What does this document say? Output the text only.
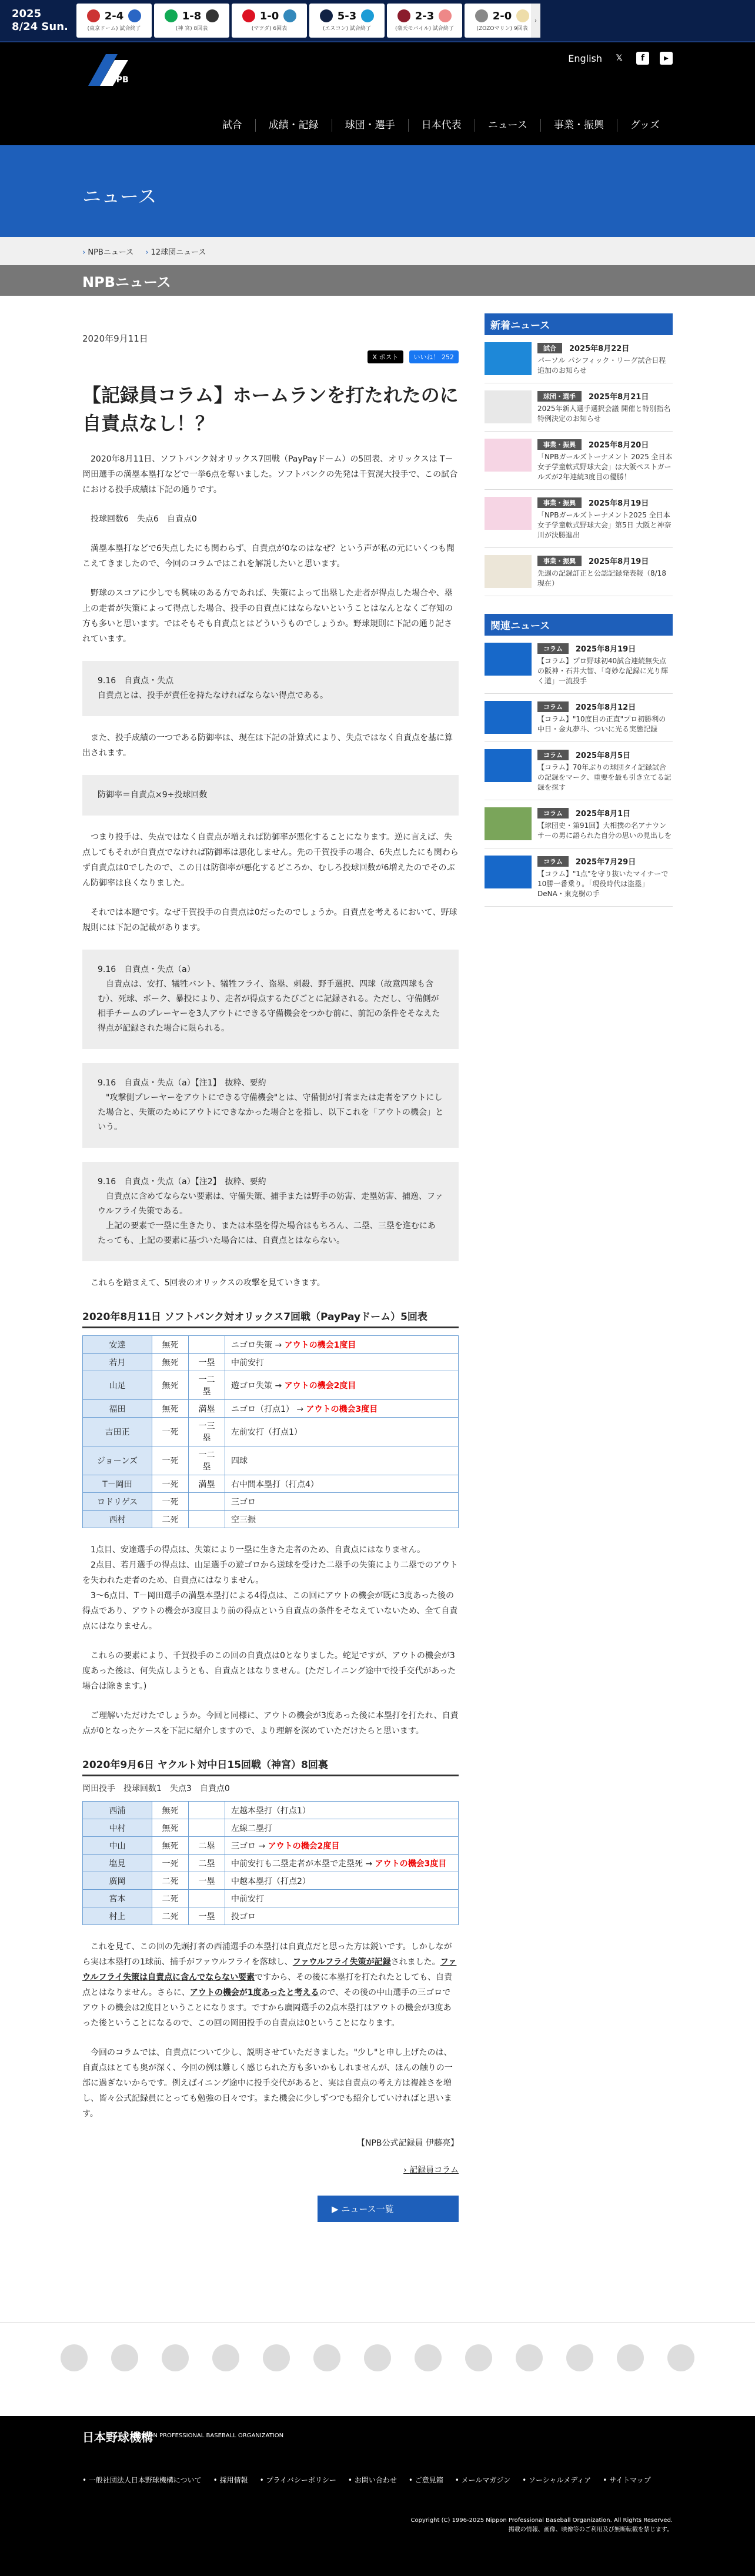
2025
8/24 Sun.
2-4
(東京ドーム) 試合終了
1-8
(神 宮) 8回表
1-0
(マツダ) 6回表
5-3
(エスコン) 試合終了
2-3
(楽天モバイル) 試合終了
2-0
(ZOZOマリン) 9回表
›
NPB
English	𝕏	f	▶
試合	成績・記録	球団・選手	日本代表	ニュース	事業・振興	グッズ
ニュース
› NPBニュース	› 12球団ニュース
NPBニュース
2020年9月11日
X ポスト	いいね！ 252
【記録員コラム】ホームランを打たれたのに自責点なし！？

2020年8月11日、ソフトバンク対オリックス7回戦（PayPayドーム）の5回表、オリックスは T－岡田選手の満塁本塁打などで一挙6点を奪いました。ソフトバンクの先発は千賀滉大投手で、この試合における投手成績は下記の通りです。

投球回数6　失点6　自責点0

満塁本塁打などで6失点したにも関わらず、自責点が0なのはなぜ？という声が私の元にいくつも聞こえてきましたので、今回のコラムではこれを解説したいと思います。

野球のスコアに少しでも興味のある方であれば、失策によって出塁した走者が得点した場合や、塁上の走者が失策によって得点した場合、投手の自責点にはならないということはなんとなくご存知の方も多いと思います。ではそもそも自責点とはどういうものでしょうか。野球規則に下記の通り記されています。

9.16　自責点・失点
自責点とは、投手が責任を持たなければならない得点である。

また、投手成績の一つである防御率は、現在は下記の計算式により、失点ではなく自責点を基に算出されます。

防御率＝自責点×9÷投球回数

つまり投手は、失点ではなく自責点が増えれば防御率が悪化することになります。逆に言えば、失点してもそれが自責点でなければ防御率は悪化しません。先の千賀投手の場合、6失点したにも関わらず自責点は0でしたので、この日は防御率が悪化するどころか、むしろ投球回数が6増えたのでそのぶん防御率は良くなりました。

それでは本題です。なぜ千賀投手の自責点は0だったのでしょうか。自責点を考えるにおいて、野球規則には下記の記載があります。

9.16　自責点・失点（a）
　自責点は、安打、犠牲バント、犠牲フライ、盗塁、刺殺、野手選択、四球（故意四球も含む）、死球、ボーク、暴投により、走者が得点するたびごとに記録される。ただし、守備側が相手チームのプレーヤーを3人アウトにできる守備機会をつかむ前に、前記の条件をそなえた得点が記録された場合に限られる。
9.16　自責点・失点（a）【注1】　抜粋、要約
　"攻撃側プレーヤーをアウトにできる守備機会"とは、守備側が打者または走者をアウトにした場合と、失策のためにアウトにできなかった場合とを指し、以下これを「アウトの機会」という。
9.16　自責点・失点（a）【注2】　抜粋、要約
　自責点に含めてならない要素は、守備失策、捕手または野手の妨害、走塁妨害、捕逸、ファウルフライ失策である。
　上記の要素で一塁に生きたり、または本塁を得た場合はもちろん、二塁、三塁を進むにあたっても、上記の要素に基づいた場合には、自責点とはならない。

これらを踏まえて、5回表のオリックスの攻撃を見ていきます。

2020年8月11日 ソフトバンク対オリックス7回戦（PayPayドーム）5回表
安達	無死		ニゴロ失策 → アウトの機会1度目
若月	無死	一塁	中前安打
山足	無死	一二塁	遊ゴロ失策 → アウトの機会2度目
福田	無死	満塁	ニゴロ（打点1） → アウトの機会3度目
吉田正	一死	一三塁	左前安打（打点1）
ジョーンズ	一死	一二塁	四球
T－岡田	一死	満塁	右中間本塁打（打点4）
ロドリゲス	一死		三ゴロ
西村	二死		空三振

1点目、安達選手の得点は、失策により一塁に生きた走者のため、自責点にはなりません。

2点目、若月選手の得点は、山足選手の遊ゴロから送球を受けた二塁手の失策により二塁でのアウトを失われた走者のため、自責点にはなりません。

3〜6点目、T－岡田選手の満塁本塁打による4得点は、この回にアウトの機会が既に3度あった後の得点であり、アウトの機会が3度目より前の得点という自責点の条件をそなえていないため、全て自責点にはなりません。

これらの要素により、千賀投手のこの回の自責点は0となりました。蛇足ですが、アウトの機会が3度あった後は、何失点しようとも、自責点とはなりません。(ただしイニング途中で投手交代があった場合は除きます。)

ご理解いただけたでしょうか。今回と同様に、アウトの機会が3度あった後に本塁打を打たれ、自責点が0となったケースを下記に紹介しますので、より理解を深めていただけたらと思います。

2020年9月6日 ヤクルト対中日15回戦（神宮）8回裏
岡田投手　投球回数1　失点3　自責点0
西浦	無死		左越本塁打（打点1）
中村	無死		左線二塁打
中山	無死	二塁	三ゴロ → アウトの機会2度目
塩見	一死	二塁	中前安打も二塁走者が本塁で走塁死 → アウトの機会3度目
廣岡	二死	一塁	中越本塁打（打点2）
宮本	二死		中前安打
村上	二死	一塁	投ゴロ

これを見て、この回の先頭打者の西浦選手の本塁打は自責点だと思った方は鋭いです。しかしながら実は本塁打の1球前、捕手がファウルフライを落球し、ファウルフライ失策が記録されました。ファウルフライ失策は自責点に含んでならない要素ですから、その後に本塁打を打たれたとしても、自責点とはなりません。さらに、アウトの機会が1度あったと考えるので、その後の中山選手の三ゴロでアウトの機会は2度目ということになります。ですから廣岡選手の2点本塁打はアウトの機会が3度あった後ということになるので、この回の岡田投手の自責点は0ということになります。

今回のコラムでは、自責点について少し、説明させていただきました。"少し"と申し上げたのは、自責点はとても奥が深く、今回の例は難しく感じられた方も多いかもしれませんが、ほんの触りの一部に過ぎないからです。例えばイニング途中に投手交代があると、実は自責点の考え方は複雑さを増し、皆々公式記録員にとっても勉強の日々です。また機会に少しずつでも紹介していければと思います。

【NPB公式記録員 伊藤亮】
› 記録員コラム
▶ ニュース一覧
新着ニュース
試合	2025年8月22日
パーソル パシフィック・リーグ試合日程追加のお知らせ
球団・選手	2025年8月21日
2025年新人選手選択会議 開催と特別指名特例決定のお知らせ
事業・振興	2025年8月20日
「NPBガールズトーナメント 2025 全日本女子学童軟式野球大会」は大阪ペストガールズが2年連続3度目の優勝！
事業・振興	2025年8月19日
「NPBガールズトーナメント2025 全日本女子学童軟式野球大会」第5日 大阪と神奈川が決勝進出
事業・振興	2025年8月19日
先週の記録訂正と公認記録発表報（8/18現在）
関連ニュース
コラム	2025年8月19日
【コラム】プロ野球初40試合連続無失点の阪神・石井大智、「奇妙な記録に光り輝く道」一流投手
コラム	2025年8月12日
【コラム】"10度目の正直"プロ初勝利の中日・金丸夢斗、ついに光る実態記録
コラム	2025年8月5日
【コラム】70年ぶりの球団タイ記録試合の記録をマーク、重要を最も引き立てる記録を探す
コラム	2025年8月1日
【球団史・第91回】大相撲の名アナウンサーの男に語られた自分の思いの見出しを
コラム	2025年7月29日
【コラム】"1点"を守り抜いたマイナーで10勝一番乗り。「現役時代は盗塁」 DeNA・東克樹の手
日本野球機構
NIPPON PROFESSIONAL BASEBALL ORGANIZATION
• 一般社団法人日本野球機構について	• 採用情報	• プライバシーポリシー	• お問い合わせ	• ご意見箱	• メールマガジン	• ソーシャルメディア	• サイトマップ
Copyright (C) 1996-2025 Nippon Professional Baseball Organization. All Rights Reserved.
掲載の情報、画像、映像等のご利用及び無断転載を禁じます。
